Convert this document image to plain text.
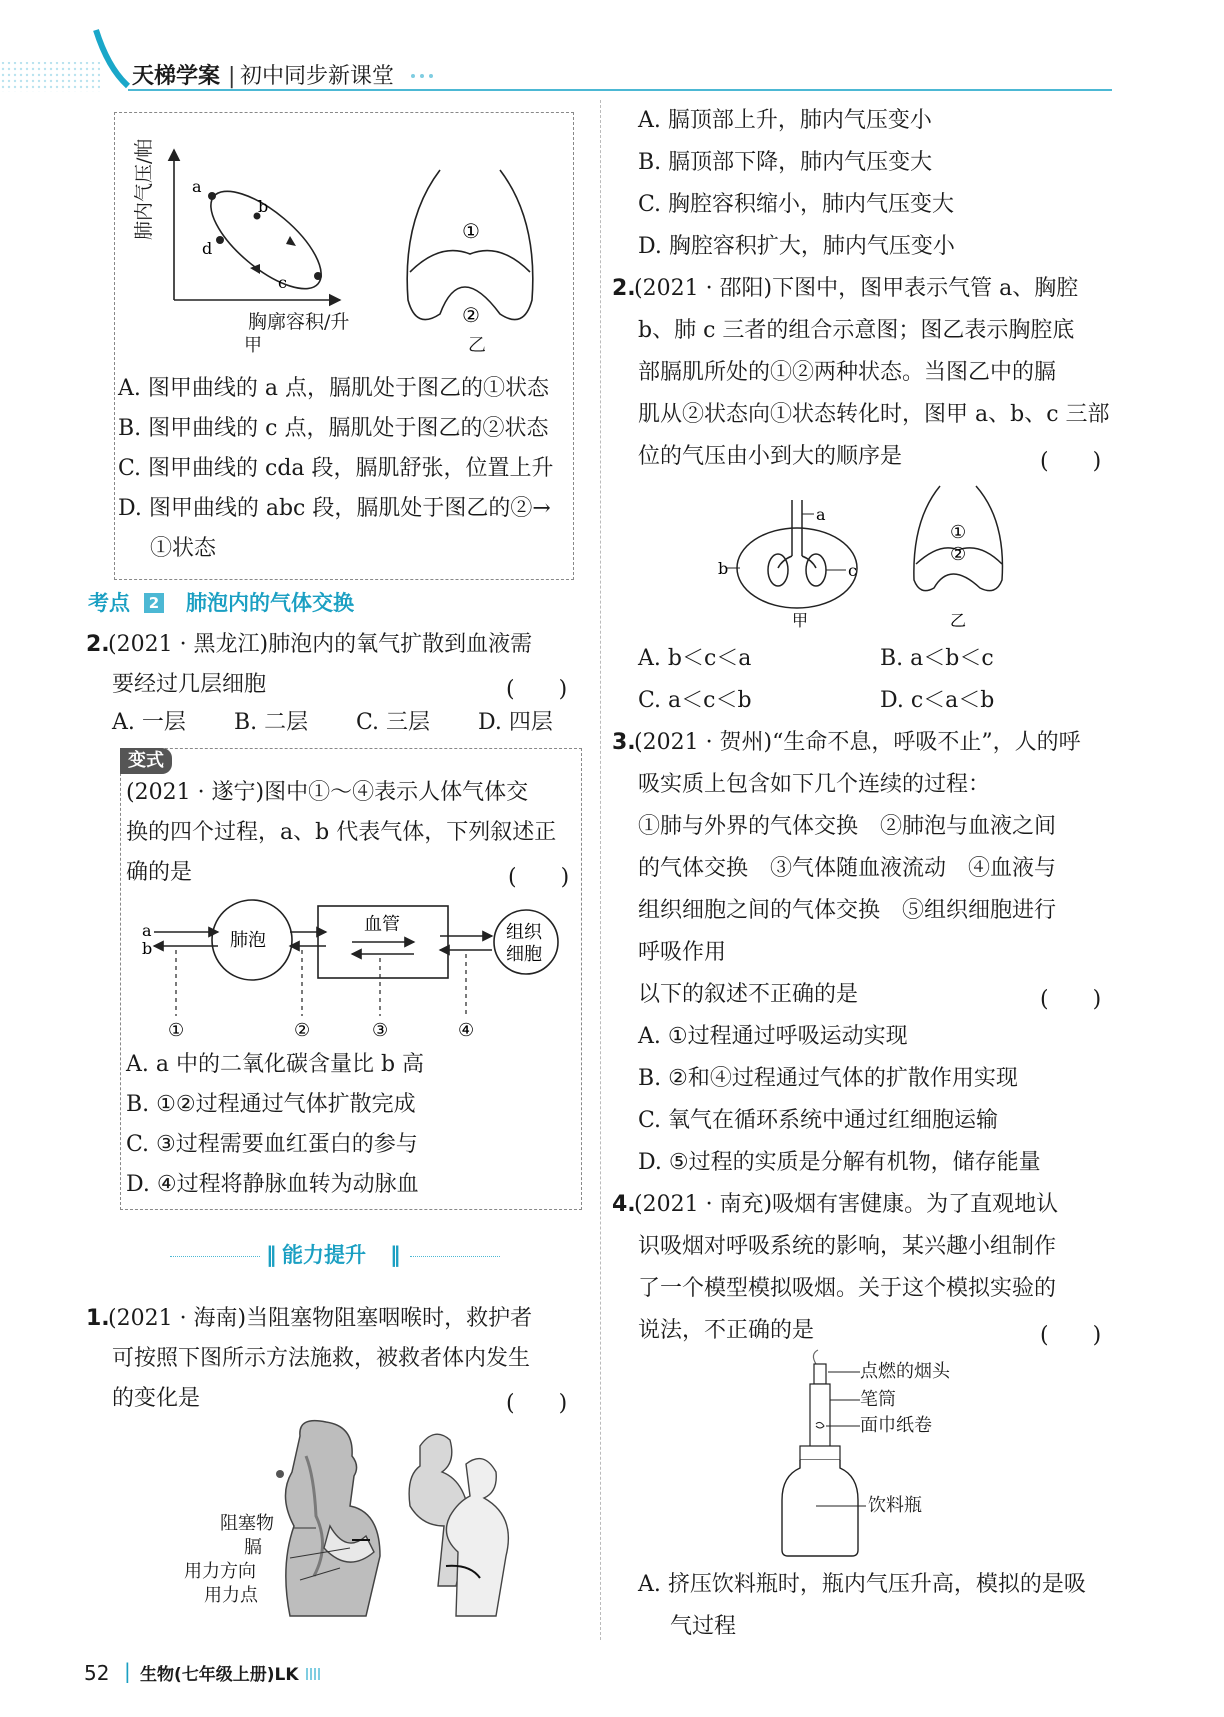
天梯学案 | 初中同步新课堂
a
b
c
d
肺内气压/帕
胸廓容积/升
甲
①
②
乙
A. 图甲曲线的 a 点，膈肌处于图乙的①状态
B. 图甲曲线的 c 点，膈肌处于图乙的②状态
C. 图甲曲线的 cda 段，膈肌舒张，位置上升
D. 图甲曲线的 abc 段，膈肌处于图乙的②→
①状态
考点	2 肺泡内的气体交换
2.
(2021 · 黑龙江)肺泡内的氧气扩散到血液需
要经过几层细胞	(　　)
A. 一层 B. 二层 C. 三层 D. 四层
变式
(2021 · 遂宁)图中①～④表示人体气体交
换的四个过程，a、b 代表气体，下列叙述正
确的是	(　　)
a
b	肺泡
血管	组织
细胞
①	②	③	④
A. a 中的二氧化碳含量比 b 高
B. ①②过程通过气体扩散完成
C. ③过程需要血红蛋白的参与
D. ④过程将静脉血转为动脉血
能力提升
‖	‖
1.
(2021 · 海南)当阻塞物阻塞咽喉时，救护者
可按照下图所示方法施救，被救者体内发生
的变化是	(　　)
阻塞物
膈
用力方向
用力点
A. 膈顶部上升，肺内气压变小
B. 膈顶部下降，肺内气压变大
C. 胸腔容积缩小，肺内气压变大
D. 胸腔容积扩大，肺内气压变小
2.
(2021 · 邵阳)下图中，图甲表示气管 a、胸腔
b、肺 c 三者的组合示意图；图乙表示胸腔底
部膈肌所处的①②两种状态。当图乙中的膈
肌从②状态向①状态转化时，图甲 a、b、c 三部
位的气压由小到大的顺序是	(　　)
a
b	c
甲
①
②
乙
A. b＜c＜a	B. a＜b＜c
C. a＜c＜b	D. c＜a＜b
3.
(2021 · 贺州)“生命不息，呼吸不止”，人的呼
吸实质上包含如下几个连续的过程：
①肺与外界的气体交换　②肺泡与血液之间
的气体交换　③气体随血液流动　④血液与
组织细胞之间的气体交换　⑤组织细胞进行
呼吸作用
以下的叙述不正确的是	(　　)
A. ①过程通过呼吸运动实现
B. ②和④过程通过气体的扩散作用实现
C. 氧气在循环系统中通过红细胞运输
D. ⑤过程的实质是分解有机物，储存能量
4.
(2021 · 南充)吸烟有害健康。为了直观地认
识吸烟对呼吸系统的影响，某兴趣小组制作
了一个模型模拟吸烟。关于这个模拟实验的
说法，不正确的是	(　　)
点燃的烟头
笔筒
面巾纸卷
饮料瓶
A. 挤压饮料瓶时，瓶内气压升高，模拟的是吸
气过程
52 | 生物(七年级上册)LK
